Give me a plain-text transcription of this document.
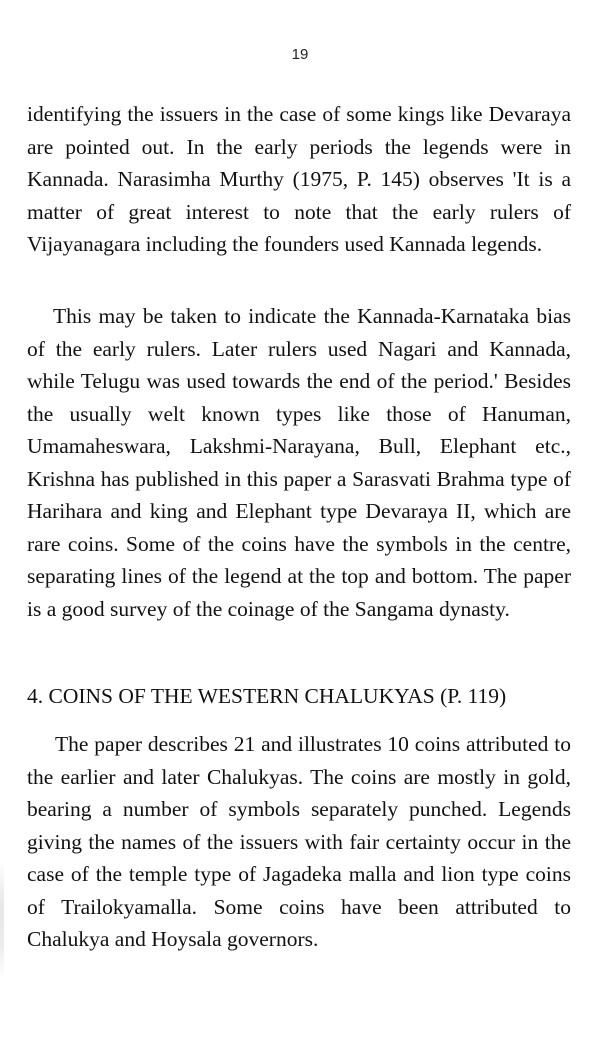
19

identifying the issuers in the case of some kings like Devaraya are pointed out. In the early periods the legends were in Kannada. Narasimha Murthy (1975, P. 145) observes 'It is a matter of great interest to note that the early rulers of Vijayanagara including the founders used Kannada legends.

This may be taken to indicate the Kannada-Karnataka bias of the early rulers. Later rulers used Nagari and Kannada, while Telugu was used towards the end of the period.' Besides the usually welt known types like those of Hanuman, Umamaheswara, Lakshmi-Narayana, Bull, Elephant etc., Krishna has published in this paper a Sarasvati Brahma type of Harihara and king and Elephant type Devaraya II, which are rare coins. Some of the coins have the symbols in the centre, separating lines of the legend at the top and bottom. The paper is a good survey of the coinage of the Sangama dynasty.

4. COINS OF THE WESTERN CHALUKYAS (P. 119)

The paper describes 21 and illustrates 10 coins attributed to the earlier and later Chalukyas. The coins are mostly in gold, bearing a number of symbols separately punched. Legends giving the names of the issuers with fair certainty occur in the case of the temple type of Jagadeka malla and lion type coins of Trailokyamalla. Some coins have been attributed to Chalukya and Hoysala governors.
